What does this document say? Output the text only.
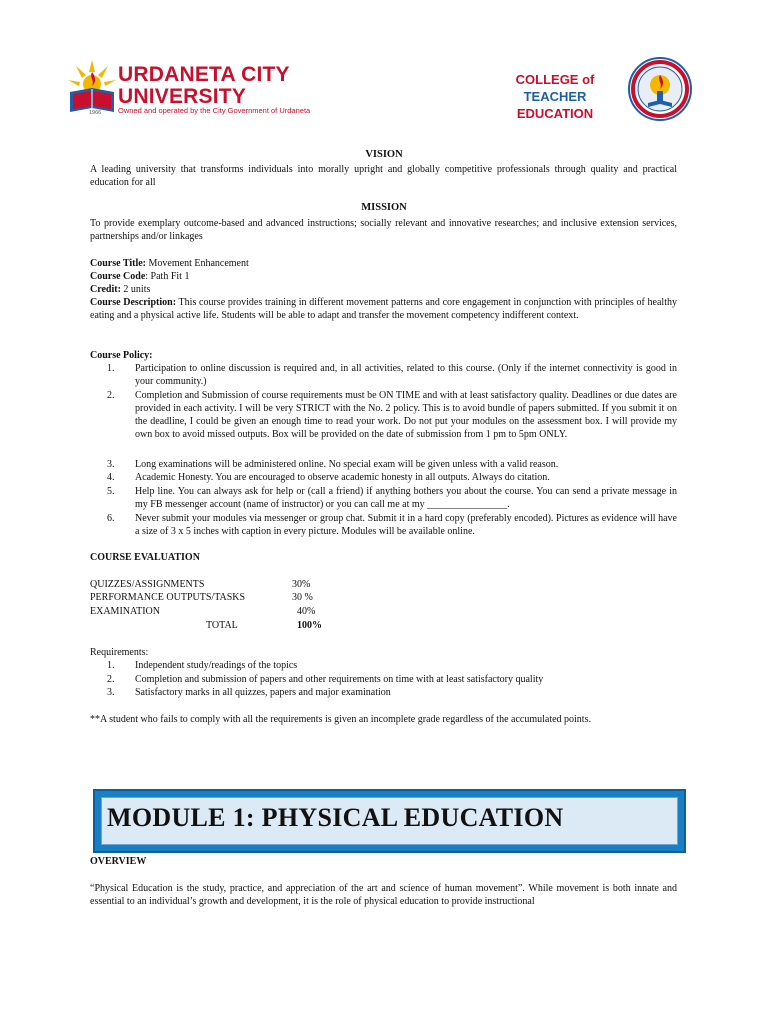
1966
URDANETA CITY
UNIVERSITY
Owned and operated by the City Government of Urdaneta
COLLEGE of
TEACHER EDUCATION
VISION
A leading university that transforms individuals into morally upright and globally competitive professionals through quality and practical education for all
MISSION
To provide exemplary outcome-based and advanced instructions; socially relevant and innovative researches; and inclusive extension services, partnerships and/or linkages
Course Title: Movement Enhancement
Course Code: Path Fit 1
Credit: 2 units
Course Description: This course provides training in different movement patterns and core engagement in conjunction with principles of healthy eating and a physical active life. Students will be able to adapt and transfer the movement competency indifferent context.
Course Policy:
1. Participation to online discussion is required and, in all activities, related to this course. (Only if the internet connectivity is good in your community.)
2. Completion and Submission of course requirements must be ON TIME and with at least satisfactory quality. Deadlines or due dates are provided in each activity. I will be very STRICT with the No. 2 policy. This is to avoid bundle of papers submitted. If you submit it on the deadline, I could be given an enough time to read your work. Do not put your modules on the assessment box. I will provide my own box to avoid missed outputs. Box will be provided on the date of submission from 1 pm to 5pm ONLY.
3. Long examinations will be administered online. No special exam will be given unless with a valid reason.
4. Academic Honesty. You are encouraged to observe academic honesty in all outputs. Always do citation.
5. Help line. You can always ask for help or (call a friend) if anything bothers you about the course. You can send a private message in my FB messenger account (name of instructor) or you can call me at my ________________.
6. Never submit your modules via messenger or group chat. Submit it in a hard copy (preferably encoded). Pictures as evidence will have a size of 3 x 5 inches with caption in every picture. Modules will be available online.
COURSE EVALUATION
QUIZZES/ASSIGNMENTS	30%
PERFORMANCE OUTPUTS/TASKS	30 %
EXAMINATION	40%
TOTAL	100%
Requirements:
1. Independent study/readings of the topics
2. Completion and submission of papers and other requirements on time with at least satisfactory quality
3. Satisfactory marks in all quizzes, papers and major examination
**A student who fails to comply with all the requirements is given an incomplete grade regardless of the accumulated points.
MODULE 1: PHYSICAL EDUCATION
OVERVIEW
“Physical Education is the study, practice, and appreciation of the art and science of human movement”. While movement is both innate and essential to an individual’s growth and development, it is the role of physical education to provide instructional
